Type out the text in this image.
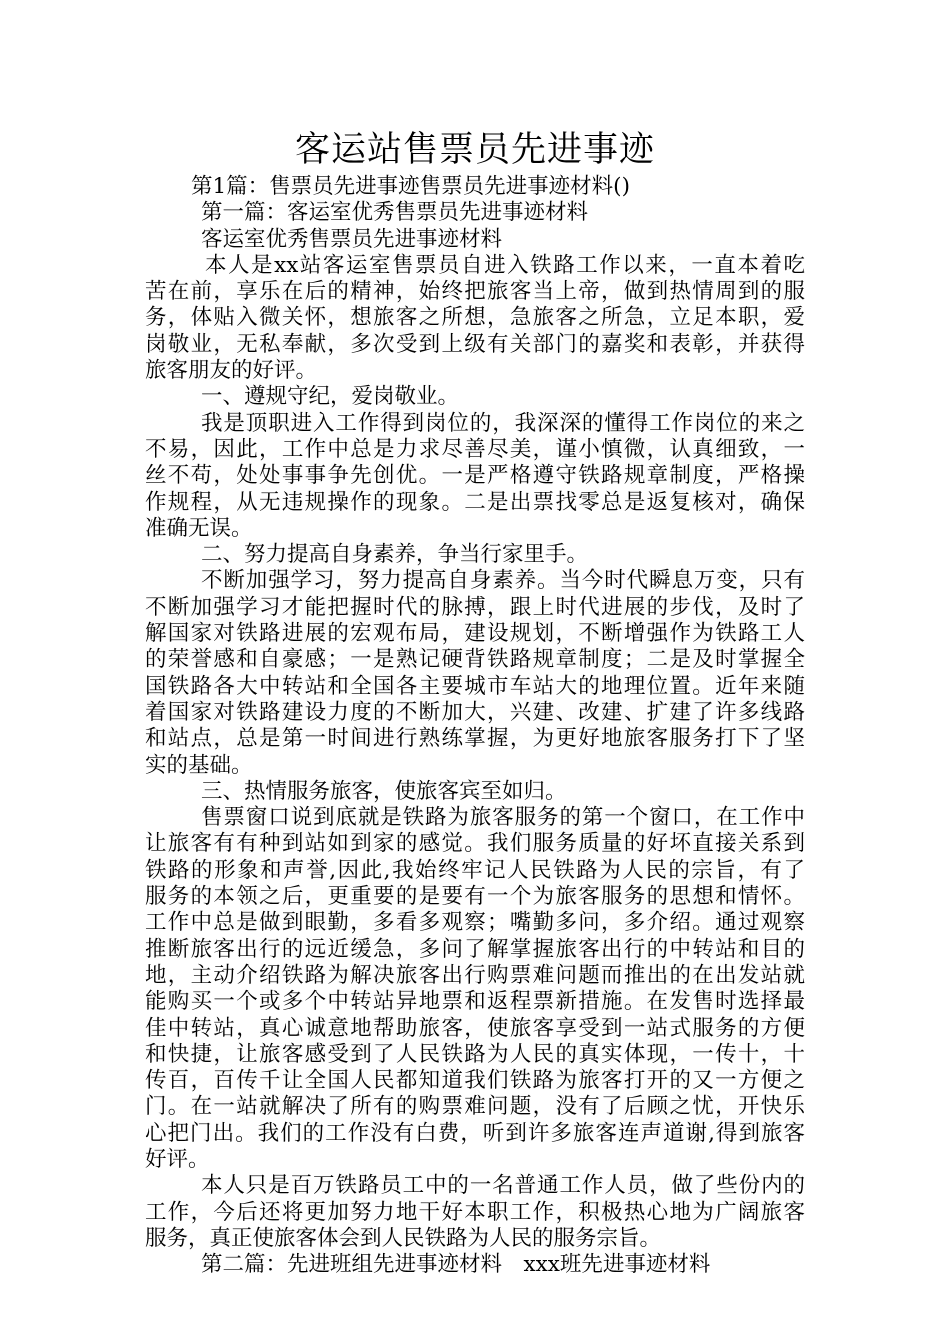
客运站售票员先进事迹
第1篇：售票员先进事迹售票员先进事迹材料()
第一篇：客运室优秀售票员先进事迹材料
客运室优秀售票员先进事迹材料
本人是xx站客运室售票员自进入铁路工作以来，一直本着吃
苦在前，享乐在后的精神，始终把旅客当上帝，做到热情周到的服
务，体贴入微关怀，想旅客之所想，急旅客之所急，立足本职，爱
岗敬业，无私奉献，多次受到上级有关部门的嘉奖和表彰，并获得
旅客朋友的好评。
一、遵规守纪，爱岗敬业。
我是顶职进入工作得到岗位的，我深深的懂得工作岗位的来之
不易，因此，工作中总是力求尽善尽美，谨小慎微，认真细致，一
丝不苟，处处事事争先创优。一是严格遵守铁路规章制度，严格操
作规程，从无违规操作的现象。二是出票找零总是返复核对，确保
准确无误。
二、努力提高自身素养，争当行家里手。
不断加强学习，努力提高自身素养。当今时代瞬息万变，只有
不断加强学习才能把握时代的脉搏，跟上时代进展的步伐，及时了
解国家对铁路进展的宏观布局，建设规划，不断增强作为铁路工人
的荣誉感和自豪感；一是熟记硬背铁路规章制度；二是及时掌握全
国铁路各大中转站和全国各主要城市车站大的地理位置。近年来随
着国家对铁路建设力度的不断加大，兴建、改建、扩建了许多线路
和站点，总是第一时间进行熟练掌握，为更好地旅客服务打下了坚
实的基础。
三、热情服务旅客，使旅客宾至如归。
售票窗口说到底就是铁路为旅客服务的第一个窗口，在工作中
让旅客有有种到站如到家的感觉。我们服务质量的好坏直接关系到
铁路的形象和声誉,因此,我始终牢记人民铁路为人民的宗旨，有了
服务的本领之后，更重要的是要有一个为旅客服务的思想和情怀。
工作中总是做到眼勤，多看多观察；嘴勤多问，多介绍。通过观察
推断旅客出行的远近缓急，多问了解掌握旅客出行的中转站和目的
地，主动介绍铁路为解决旅客出行购票难问题而推出的在出发站就
能购买一个或多个中转站异地票和返程票新措施。在发售时选择最
佳中转站，真心诚意地帮助旅客，使旅客享受到一站式服务的方便
和快捷，让旅客感受到了人民铁路为人民的真实体现，一传十，十
传百，百传千让全国人民都知道我们铁路为旅客打开的又一方便之
门。在一站就解决了所有的购票难问题，没有了后顾之忧，开快乐
心把门出。我们的工作没有白费，听到许多旅客连声道谢,得到旅客
好评。
本人只是百万铁路员工中的一名普通工作人员，做了些份内的
工作，今后还将更加努力地干好本职工作，积极热心地为广阔旅客
服务，真正使旅客体会到人民铁路为人民的服务宗旨。
第二篇：先进班组先进事迹材料　xxx班先进事迹材料
